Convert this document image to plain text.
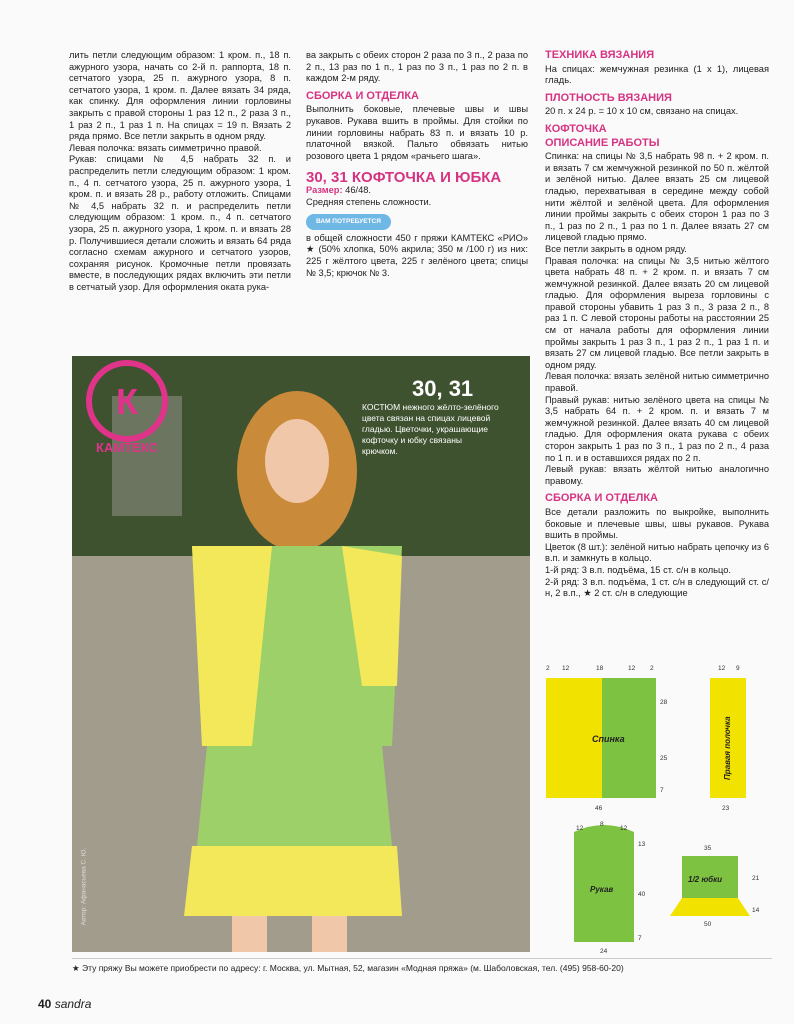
лить петли следующим образом: 1 кром. п., 18 п. ажурного узора, начать со 2-й п. раппорта, 18 п. сетчатого узора, 25 п. ажурного узора, 8 п. сетчатого узора, 1 кром. п. Далее вязать 34 ряда, как спинку. Для оформления линии горловины закрыть с правой стороны 1 раз 12 п., 2 раза 3 п., 1 раз 2 п., 1 раз 1 п. На спицах = 19 п. Вязать 2 ряда прямо. Все петли закрыть в одном ряду.

Левая полочка: вязать симметрично правой.

Рукав: спицами № 4,5 набрать 32 п. и распределить петли следующим образом: 1 кром. п., 4 п. сетчатого узора, 25 п. ажурного узора, 1 кром. п. и вязать 28 р., работу отложить. Спицами № 4,5 набрать 32 п. и распределить петли следующим образом: 1 кром. п., 4 п. сетчатого узора, 25 п. ажурного узора, 1 кром. п. и вязать 28 р. Получившиеся детали сложить и вязать 64 ряда согласно схемам ажурного и сетчатого узоров, сохраняя рисунок. Кромочные петли провязать вместе, в последующих рядах включить эти петли в сетчатый узор. Для оформления оката рука-

ва закрыть с обеих сторон 2 раза по 3 п., 2 раза по 2 п., 13 раз по 1 п., 1 раз по 3 п., 1 раз по 2 п. в каждом 2-м ряду.

СБОРКА И ОТДЕЛКА

Выполнить боковые, плечевые швы и швы рукавов. Рукава вшить в проймы. Для стойки по линии горловины набрать 83 п. и вязать 10 р. платочной вязкой. Пальто обвязать нитью розового цвета 1 рядом «рачьего шага».

30, 31 КОФТОЧКА И ЮБКА

Размер: 46/48.

Средняя степень сложности.

ВАМ ПОТРЕБУЕТСЯ

в общей сложности 450 г пряжи КАМТЕКС «РИО» ★ (50% хлопка, 50% акрила; 350 м /100 г) из них: 225 г жёлтого цвета, 225 г зелёного цвета; спицы № 3,5; крючок № 3.

ТЕХНИКА ВЯЗАНИЯ

На спицах: жемчужная резинка (1 х 1), лицевая гладь.

ПЛОТНОСТЬ ВЯЗАНИЯ

20 п. х 24 р. = 10 х 10 см, связано на спицах.

КОФТОЧКА
ОПИСАНИЕ РАБОТЫ

Спинка: на спицы № 3,5 набрать 98 п. + 2 кром. п. и вязать 7 см жемчужной резинкой по 50 п. жёлтой и зелёной нитью. Далее вязать 25 см лицевой гладью, перехватывая в середине между собой нити жёлтой и зелёной цвета. Для оформления линии проймы закрыть с обеих сторон 1 раз по 3 п., 1 раз по 2 п., 1 раз по 1 п. Далее вязать 27 см лицевой гладью прямо.

Все петли закрыть в одном ряду.

Правая полочка: на спицы № 3,5 нитью жёлтого цвета набрать 48 п. + 2 кром. п. и вязать 7 см жемчужной резинкой. Далее вязать 20 см лицевой гладью. Для оформления выреза горловины с правой стороны убавить 1 раз 3 п., 3 раза 2 п., 8 раз 1 п. С левой стороны работы на расстоянии 25 см от начала работы для оформления линии проймы закрыть 1 раз 3 п., 1 раз 2 п., 1 раз 1 п. и вязать 27 см лицевой гладью. Все петли закрыть в одном ряду.

Левая полочка: вязать зелёной нитью симметрично правой.

Правый рукав: нитью зелёного цвета на спицы № 3,5 набрать 64 п. + 2 кром. п. и вязать 7 м жемчужной резинкой. Далее вязать 40 см лицевой гладью. Для оформления оката рукава с обеих сторон закрыть 1 раз по 3 п., 1 раз по 2 п., 4 раза по 1 п. и в оставшихся рядах по 2 п.

Левый рукав: вязать жёлтой нитью аналогично правому.

СБОРКА И ОТДЕЛКА

Все детали разложить по выкройке, выполнить боковые и плечевые швы, швы рукавов. Рукава вшить в проймы.

Цветок (8 шт.): зелёной нитью набрать цепочку из 6 в.п. и замкнуть в кольцо.

1-й ряд: 3 в.п. подъёма, 15 ст. с/н в кольцо.

2-й ряд: 3 в.п. подъёма, 1 ст. с/н в следующий ст. с/н, 2 в.п., ★ 2 ст. с/н в следующие

30, 31
КОСТЮМ нежного жёлто-зелёного цвета связан на спицах лицевой гладью. Цветочки, украшающие кофточку и юбку связаны крючком.
К
КАМТЕКС
Автор: Афанасьева С. Ю.
Спинка
2 12	18	12 2
46
28
25
7
Правая полочка
12 9
23
Рукав
12
8
12
24
13
40
7
1/2 юбки
35
50
21
14
★ Эту пряжу Вы можете приобрести по адресу: г. Москва, ул. Мытная, 52, магазин «Модная пряжа» (м. Шаболовская, тел. (495) 958-60-20)
40 sandra
